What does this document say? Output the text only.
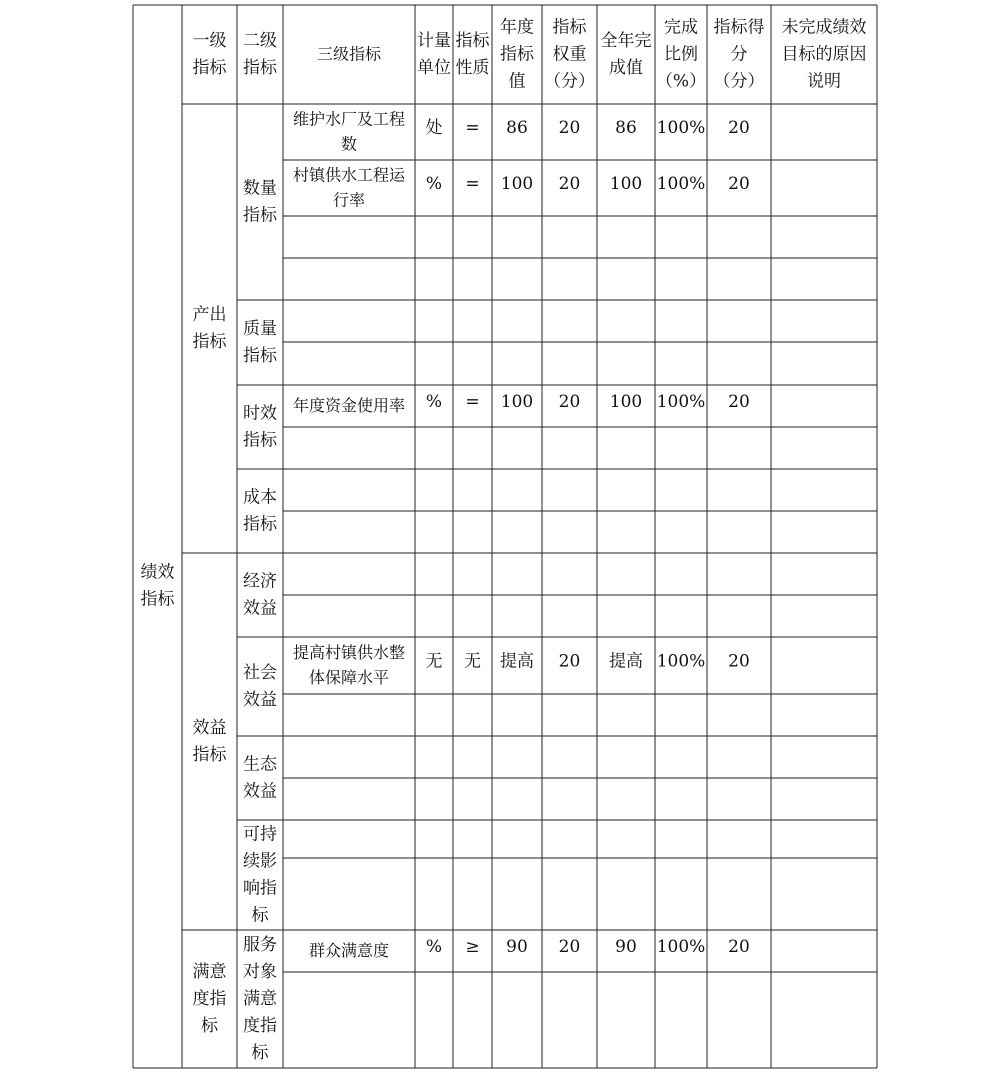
一级指标
二级指标
三级指标
计量单位
指标性质
年度指标值
指标权重（分）
全年完成值
完成比例（%）
指标得分（分）
未完成绩效目标的原因说明
绩效指标
产出指标
效益指标
满意度指标
数量指标
质量指标
时效指标
成本指标
经济效益
社会效益
生态效益
可持续影响指标
服务对象满意度指标
维护水厂及工程数
处 = 86 20 86 100% 20
村镇供水工程运行率
% = 100 20 100 100% 20
年度资金使用率 % = 100 20 100 100% 20
提高村镇供水整体保障水平
无 无 提高 20 提高 100% 20
群众满意度 % ≥ 90 20 90 100% 20
